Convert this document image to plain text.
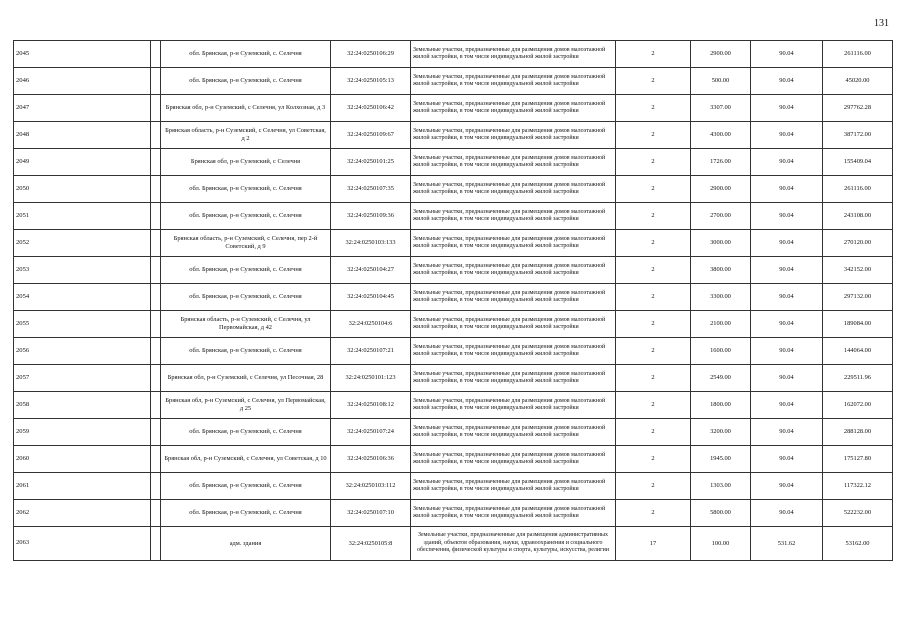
131
2045		обл. Брянская, р-н Суземский, с. Селечня	32:24:0250106:29	Земельные участки, предназначенные для размещения домов малоэтажной жилой застройки, в том числе индивидуальной жилой застройки	2	2900.00	90.04	261116.00
2046		обл. Брянская, р-н Суземский, с. Селечня	32:24:0250105:13	Земельные участки, предназначенные для размещения домов малоэтажной жилой застройки, в том числе индивидуальной жилой застройки	2	500.00	90.04	45020.00
2047		Брянская обл, р-н Суземский, с Селечня, ул Колхозная, д 3	32:24:0250106:42	Земельные участки, предназначенные для размещения домов малоэтажной жилой застройки, в том числе индивидуальной жилой застройки	2	3307.00	90.04	297762.28
2048		Брянская область, р-н Суземский, с Селечня, ул Советская, д 2	32:24:0250109:67	Земельные участки, предназначенные для размещения домов малоэтажной жилой застройки, в том числе индивидуальной жилой застройки	2	4300.00	90.04	387172.00
2049		Брянская обл, р-н Суземский, с Селечня	32:24:0250101:25	Земельные участки, предназначенные для размещения домов малоэтажной жилой застройки, в том числе индивидуальной жилой застройки	2	1726.00	90.04	155409.04
2050		обл. Брянская, р-н Суземский, с. Селечня	32:24:0250107:35	Земельные участки, предназначенные для размещения домов малоэтажной жилой застройки, в том числе индивидуальной жилой застройки	2	2900.00	90.04	261116.00
2051		обл. Брянская, р-н Суземский, с. Селечня	32:24:0250109:36	Земельные участки, предназначенные для размещения домов малоэтажной жилой застройки, в том числе индивидуальной жилой застройки	2	2700.00	90.04	243108.00
2052		Брянская область, р-н Суземский, с Селечня, пер 2-й Советский, д 9	32:24:0250103:133	Земельные участки, предназначенные для размещения домов малоэтажной жилой застройки, в том числе индивидуальной жилой застройки	2	3000.00	90.04	270120.00
2053		обл. Брянская, р-н Суземский, с. Селечня	32:24:0250104:27	Земельные участки, предназначенные для размещения домов малоэтажной жилой застройки, в том числе индивидуальной жилой застройки	2	3800.00	90.04	342152.00
2054		обл. Брянская, р-н Суземский, с. Селечня	32:24:0250104:45	Земельные участки, предназначенные для размещения домов малоэтажной жилой застройки, в том числе индивидуальной жилой застройки	2	3300.00	90.04	297132.00
2055		Брянская область, р-н Суземский, с Селечня, ул Первомайская, д 42	32:24:0250104:6	Земельные участки, предназначенные для размещения домов малоэтажной жилой застройки, в том числе индивидуальной жилой застройки	2	2100.00	90.04	189084.00
2056		обл. Брянская, р-н Суземский, с. Селечня	32:24:0250107:21	Земельные участки, предназначенные для размещения домов малоэтажной жилой застройки, в том числе индивидуальной жилой застройки	2	1600.00	90.04	144064.00
2057		Брянская обл, р-н Суземский, с Селечня, ул Песочная, 28	32:24:0250101:123	Земельные участки, предназначенные для размещения домов малоэтажной жилой застройки, в том числе индивидуальной жилой застройки	2	2549.00	90.04	229511.96
2058		Брянская обл, р-н Суземский, с Селечня, ул Первомайская, д 25	32:24:0250108:12	Земельные участки, предназначенные для размещения домов малоэтажной жилой застройки, в том числе индивидуальной жилой застройки	2	1800.00	90.04	162072.00
2059		обл. Брянская, р-н Суземский, с. Селечня	32:24:0250107:24	Земельные участки, предназначенные для размещения домов малоэтажной жилой застройки, в том числе индивидуальной жилой застройки	2	3200.00	90.04	288128.00
2060		Брянская обл, р-н Суземский, с Селечня, ул Советская, д 10	32:24:0250106:36	Земельные участки, предназначенные для размещения домов малоэтажной жилой застройки, в том числе индивидуальной жилой застройки	2	1945.00	90.04	175127.80
2061		обл. Брянская, р-н Суземский, с. Селечня	32:24:0250103:112	Земельные участки, предназначенные для размещения домов малоэтажной жилой застройки, в том числе индивидуальной жилой застройки	2	1303.00	90.04	117322.12
2062		обл. Брянская, р-н Суземский, с. Селечня	32:24:0250107:10	Земельные участки, предназначенные для размещения домов малоэтажной жилой застройки, в том числе индивидуальной жилой застройки	2	5800.00	90.04	522232.00
2063		адм. здания	32:24:0250105:8	Земельные участки, предназначенные для размещения административных зданий, объектов образования, науки, здравоохранения и социального обеспечения, физической культуры и спорта, культуры, искусства, религии	17	100.00	531.62	53162.00
